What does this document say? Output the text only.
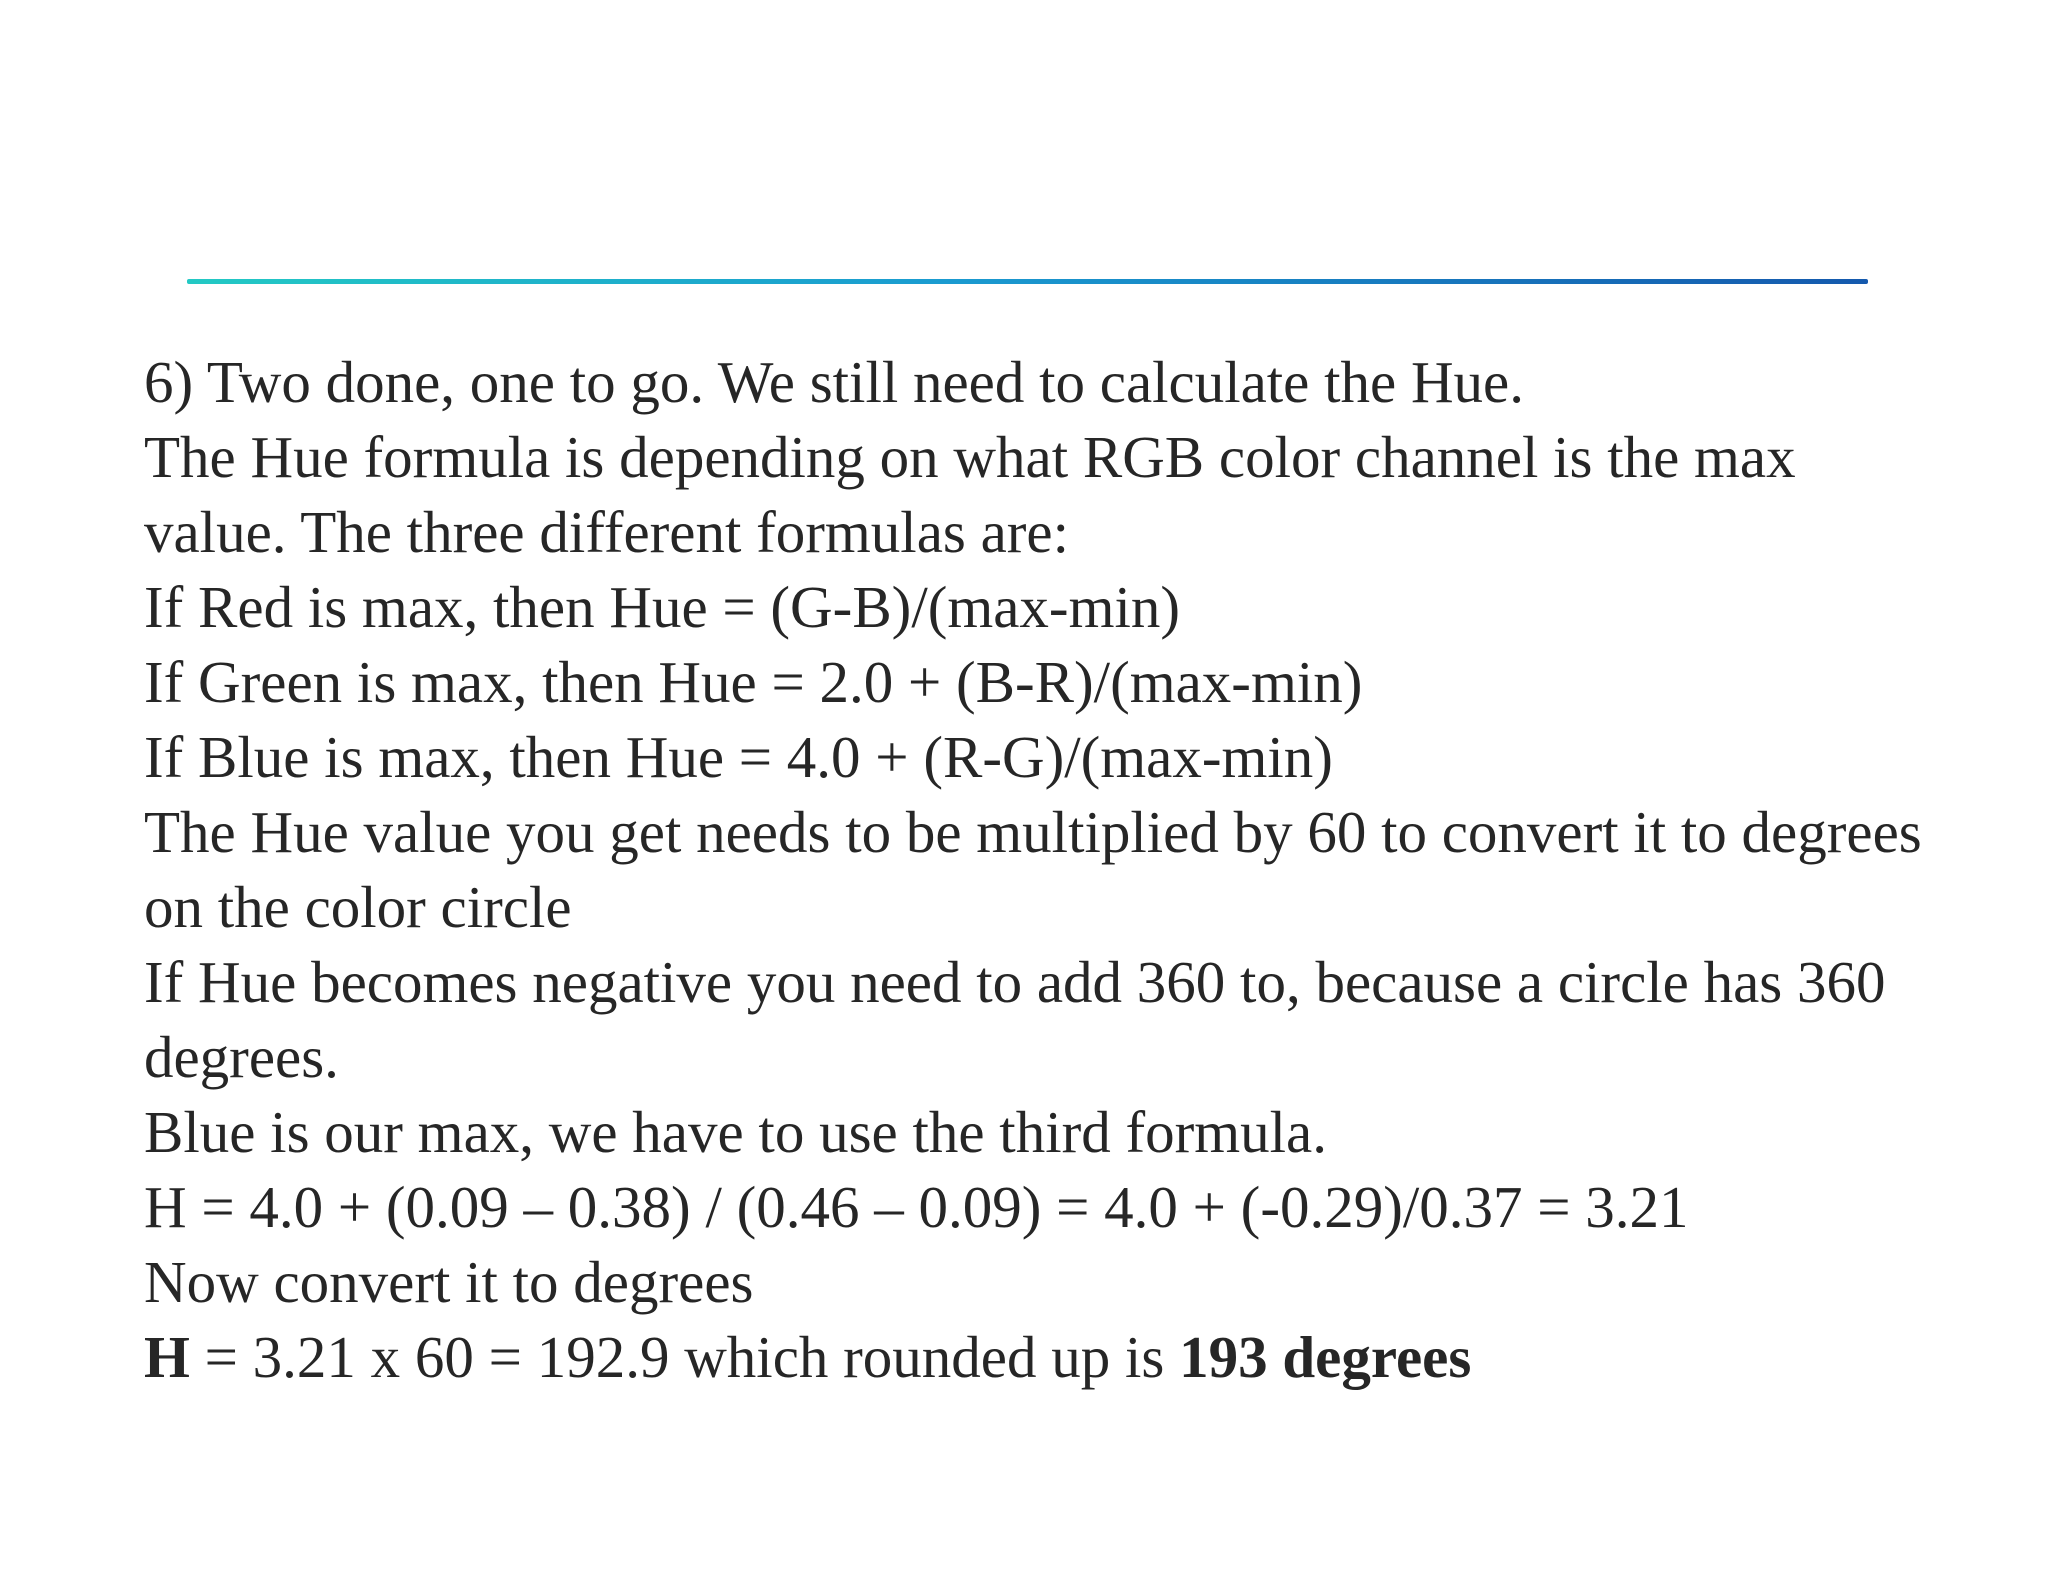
6) Two done, one to go. We still need to calculate the Hue.
The Hue formula is depending on what RGB color channel is the max value. The three different formulas are:
If Red is max, then Hue = (G-B)/(max-min)
If Green is max, then Hue = 2.0 + (B-R)/(max-min)
If Blue is max, then Hue = 4.0 + (R-G)/(max-min)
The Hue value you get needs to be multiplied by 60 to convert it to degrees on the color circle
If Hue becomes negative you need to add 360 to, because a circle has 360 degrees.
Blue is our max, we have to use the third formula.
H = 4.0 + (0.09 – 0.38) / (0.46 – 0.09) = 4.0 + (-0.29)/0.37 = 3.21
Now convert it to degrees
H = 3.21 x 60 = 192.9 which rounded up is 193 degrees
